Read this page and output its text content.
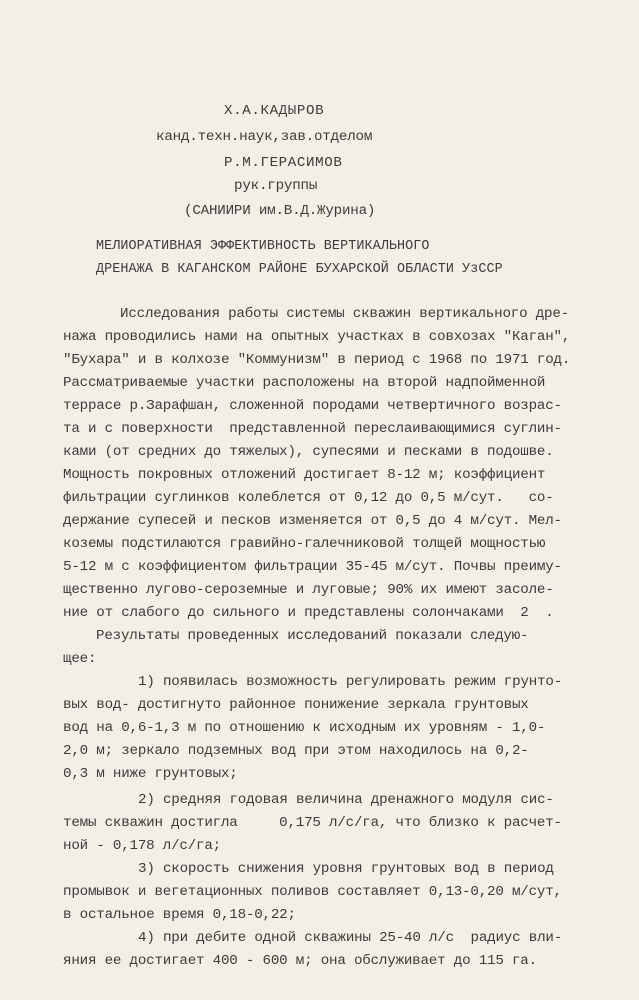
Х.А.КАДЫРОВ
канд.техн.наук,зав.отделом
Р.М.ГЕРАСИМОВ
рук.группы
(САНИИРИ им.В.Д.Журина)
МЕЛИОРАТИВНАЯ ЭФФЕКТИВНОСТЬ ВЕРТИКАЛЬНОГО
ДРЕНАЖА В КАГАНСКОМ РАЙОНЕ БУХАРСКОЙ ОБЛАСТИ УзССР
Исследования работы системы скважин вертикального дре-
нажа проводились нами на опытных участках в совхозах "Каган",
"Бухара" и в колхозе "Коммунизм" в период с 1968 по 1971 год.
Рассматриваемые участки расположены на второй надпойменной
террасе р.Зарафшан, сложенной породами четвертичного возрас-
та и с поверхности  представленной переслаивающимися суглин-
ками (от средних до тяжелых), супесями и песками в подошве.
Мощность покровных отложений достигает 8-12 м; коэффициент
фильтрации суглинков колеблется от 0,12 до 0,5 м/сут.   со-
держание супесей и песков изменяется от 0,5 до 4 м/сут. Мел-
коземы подстилаются гравийно-галечниковой толщей мощностью
5-12 м с коэффициентом фильтрации 35-45 м/сут. Почвы преиму-
щественно лугово-сероземные и луговые; 90% их имеют засоле-
ние от слабого до сильного и представлены солончаками  2  .
Результаты проведенных исследований показали следую-
щее:
1) появилась возможность регулировать режим грунто-
вых вод- достигнуто районное понижение зеркала грунтовых
вод на 0,6-1,3 м по отношению к исходным их уровням - 1,0-
2,0 м; зеркало подземных вод при этом находилось на 0,2-
0,3 м ниже грунтовых;
2) средняя годовая величина дренажного модуля сис-
темы скважин достигла     0,175 л/с/га, что близко к расчет-
ной - 0,178 л/с/га;
3) скорость снижения уровня грунтовых вод в период
промывок и вегетационных поливов составляет 0,13-0,20 м/сут,
в остальное время 0,18-0,22;
4) при дебите одной скважины 25-40 л/с  радиус вли-
яния ее достигает 400 - 600 м; она обслуживает до 115 га.
